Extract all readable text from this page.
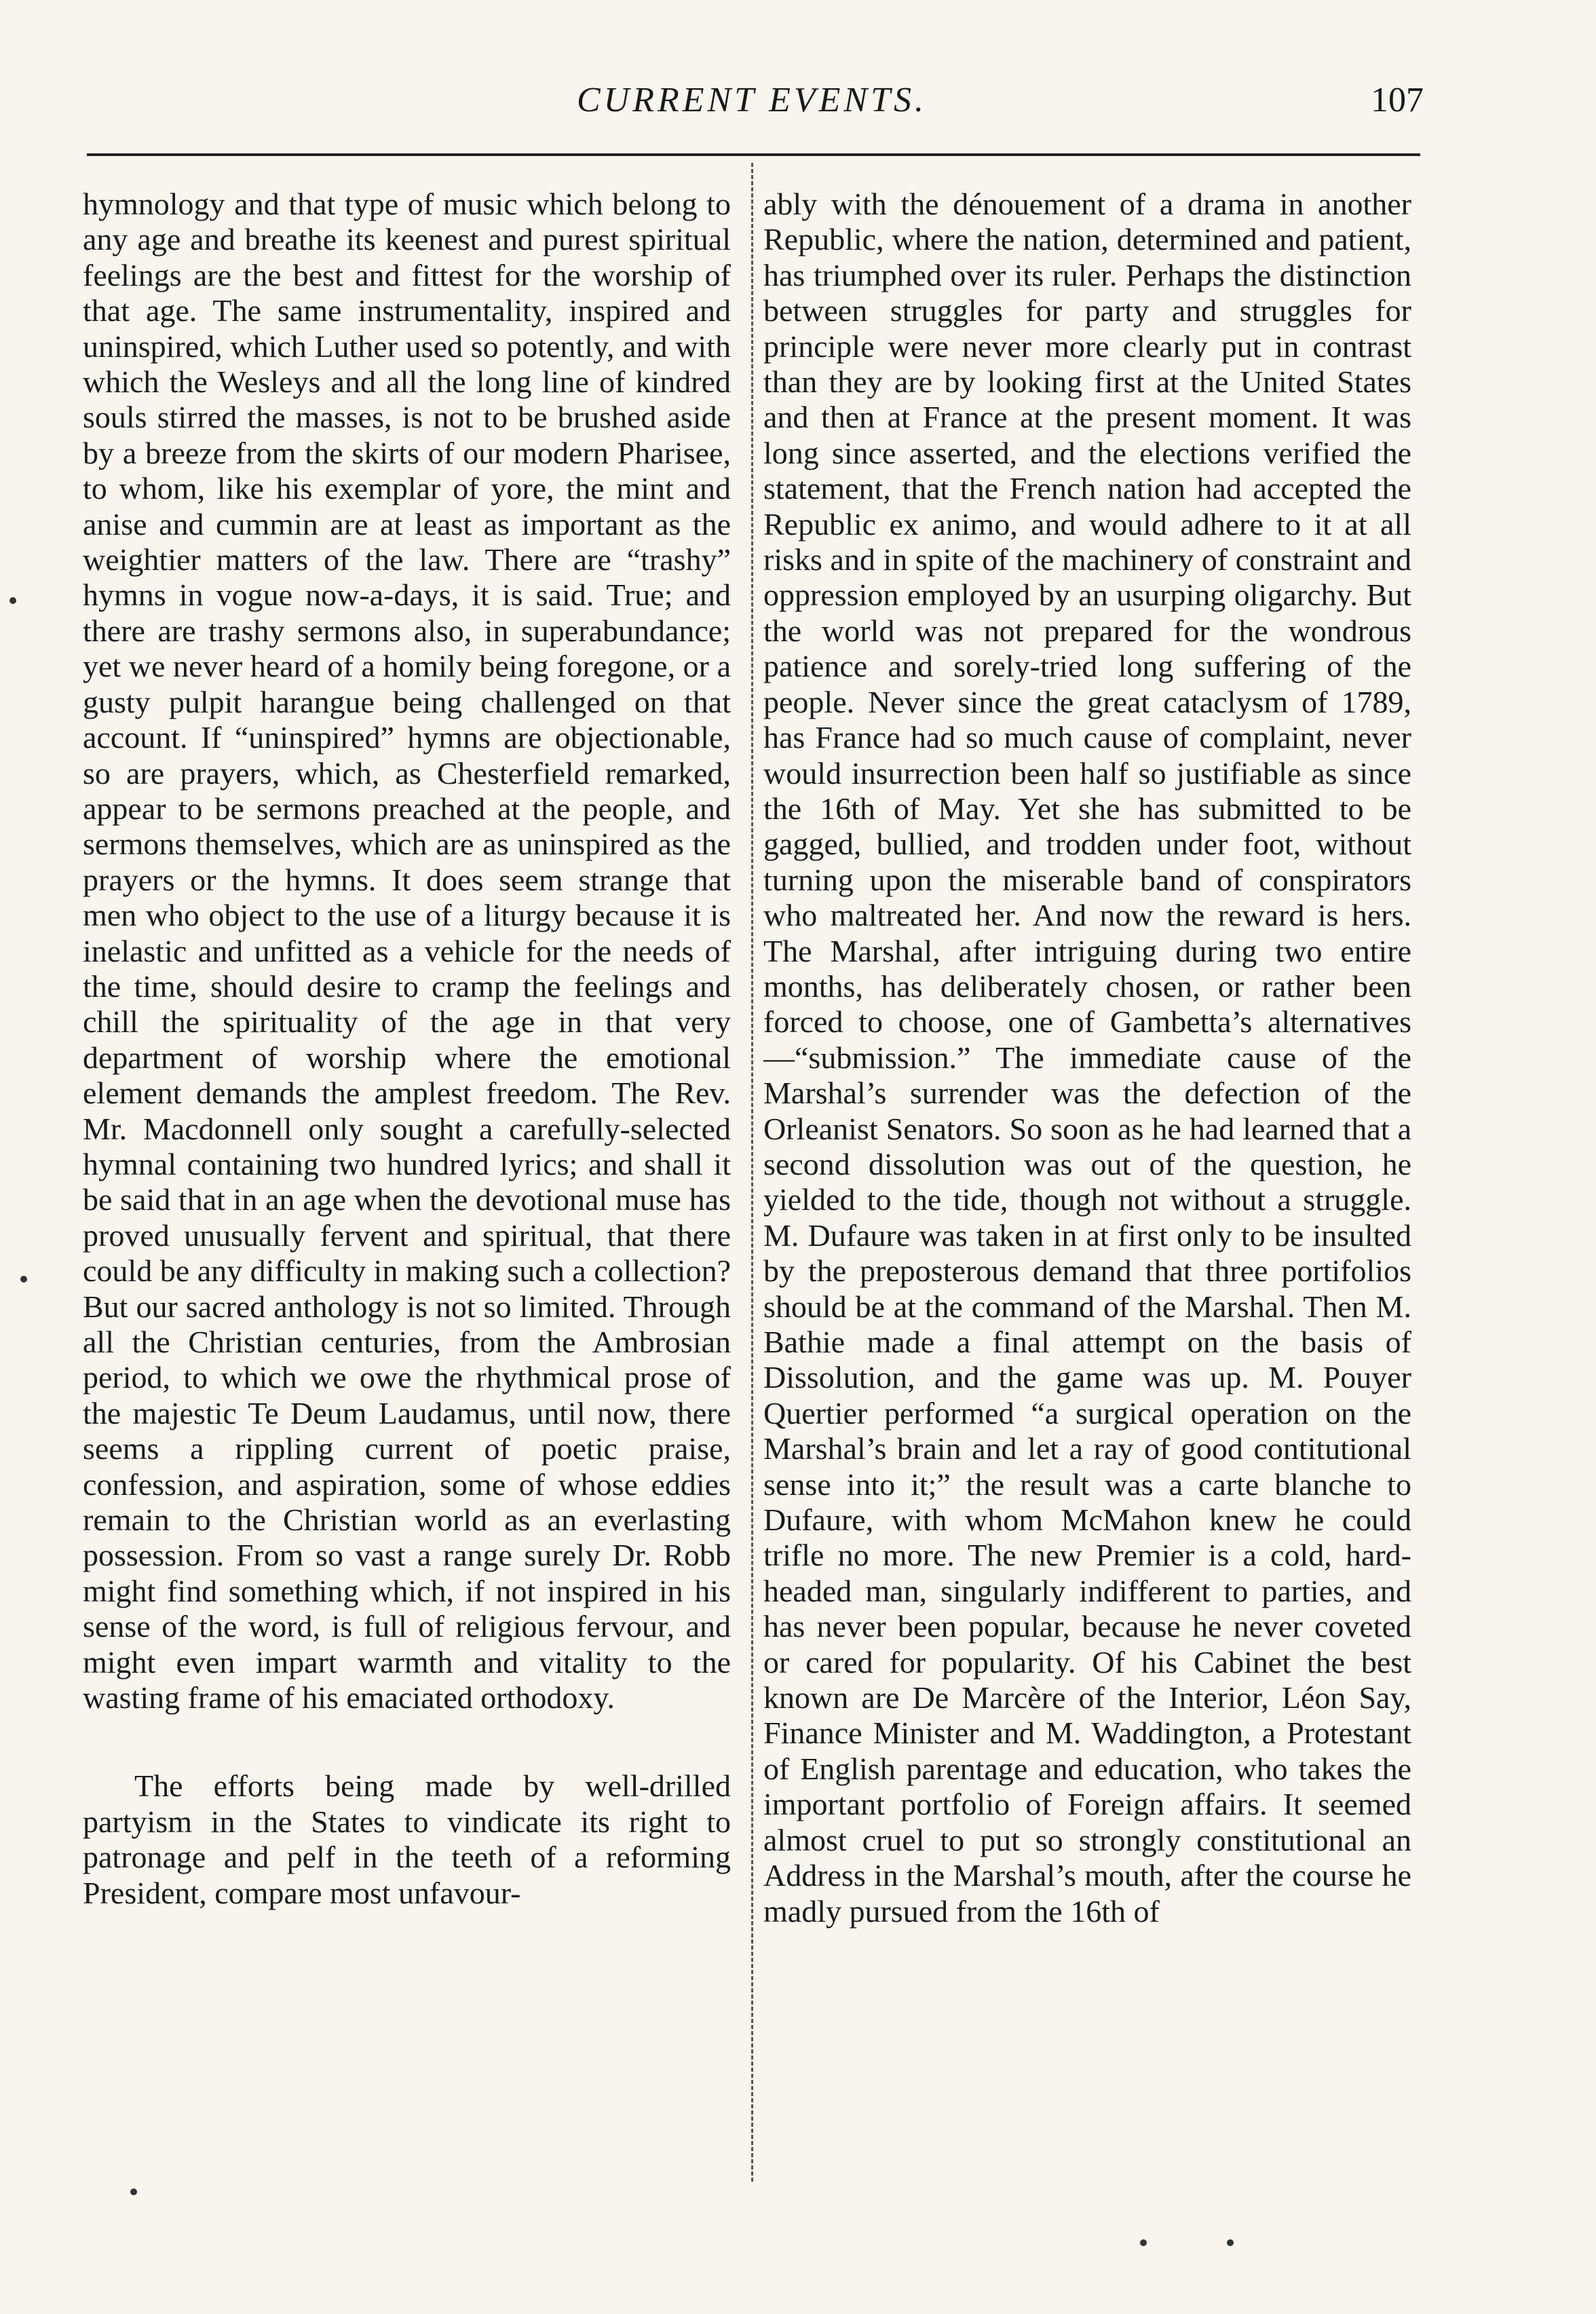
CURRENT EVENTS.	107

hymnology and that type of music which belong to any age and breathe its keenest and purest spiritual feelings are the best and fittest for the worship of that age. The same instrumentality, inspired and uninspired, which Luther used so potently, and with which the Wesleys and all the long line of kindred souls stirred the masses, is not to be brushed aside by a breeze from the skirts of our modern Pharisee, to whom, like his exemplar of yore, the mint and anise and cummin are at least as important as the weightier matters of the law. There are “trashy” hymns in vogue now-a-days, it is said. True; and there are trashy sermons also, in superabundance; yet we never heard of a homily being foregone, or a gusty pulpit harangue being challenged on that account. If “uninspired” hymns are objectionable, so are prayers, which, as Chesterfield remarked, appear to be sermons preached at the people, and sermons themselves, which are as uninspired as the prayers or the hymns. It does seem strange that men who object to the use of a liturgy because it is inelastic and unfitted as a vehicle for the needs of the time, should desire to cramp the feelings and chill the spirituality of the age in that very department of worship where the emotional element demands the amplest freedom. The Rev. Mr. Macdonnell only sought a carefully-selected hymnal containing two hundred lyrics; and shall it be said that in an age when the devotional muse has proved unusually fervent and spiritual, that there could be any difficulty in making such a collection? But our sacred anthology is not so limited. Through all the Christian centuries, from the Ambrosian period, to which we owe the rhythmical prose of the majestic Te Deum Laudamus, until now, there seems a rippling current of poetic praise, confession, and aspiration, some of whose eddies remain to the Christian world as an everlasting possession. From so vast a range surely Dr. Robb might find something which, if not inspired in his sense of the word, is full of religious fervour, and might even impart warmth and vitality to the wasting frame of his emaciated orthodoxy.

The efforts being made by well-drilled partyism in the States to vindicate its right to patronage and pelf in the teeth of a reforming President, compare most unfavour-

ably with the dénouement of a drama in another Republic, where the nation, determined and patient, has triumphed over its ruler. Perhaps the distinction between struggles for party and struggles for principle were never more clearly put in contrast than they are by looking first at the United States and then at France at the present moment. It was long since asserted, and the elections verified the statement, that the French nation had accepted the Republic ex animo, and would adhere to it at all risks and in spite of the machinery of constraint and oppression employed by an usurping oligarchy. But the world was not prepared for the wondrous patience and sorely-tried long suffering of the people. Never since the great cataclysm of 1789, has France had so much cause of complaint, never would insurrection been half so justifiable as since the 16th of May. Yet she has submitted to be gagged, bullied, and trodden under foot, without turning upon the miserable band of conspirators who maltreated her. And now the reward is hers. The Marshal, after intriguing during two entire months, has deliberately chosen, or rather been forced to choose, one of Gambetta’s alternatives—“submission.” The immediate cause of the Marshal’s surrender was the defection of the Orleanist Senators. So soon as he had learned that a second dissolution was out of the question, he yielded to the tide, though not without a struggle. M. Dufaure was taken in at first only to be insulted by the preposterous demand that three portifolios should be at the command of the Marshal. Then M. Bathie made a final attempt on the basis of Dissolution, and the game was up. M. Pouyer Quertier performed “a surgical operation on the Marshal’s brain and let a ray of good contitutional sense into it;” the result was a carte blanche to Dufaure, with whom McMahon knew he could trifle no more. The new Premier is a cold, hard-headed man, singularly indifferent to parties, and has never been popular, because he never coveted or cared for popularity. Of his Cabinet the best known are De Marcère of the Interior, Léon Say, Finance Minister and M. Waddington, a Protestant of English parentage and education, who takes the important portfolio of Foreign affairs. It seemed almost cruel to put so strongly constitutional an Address in the Marshal’s mouth, after the course he madly pursued from the 16th of
